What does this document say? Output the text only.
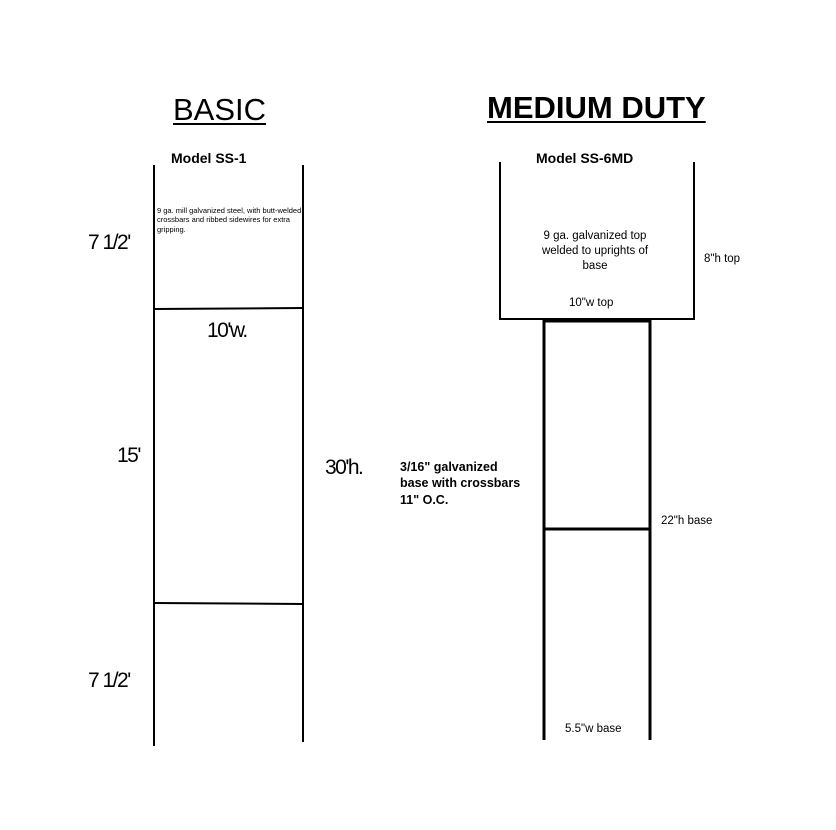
BASIC
Model SS-1
9 ga. mill galvanized steel, with butt-welded crossbars and ribbed sidewires for extra gripping.
7 1/2'
10'w.
15'
30'h.
7 1/2'
MEDIUM DUTY
Model SS-6MD
9 ga. galvanized top welded to uprights of base
8"h top
10"w top
3/16" galvanized
base with crossbars
11" O.C.
22"h base
5.5"w base
